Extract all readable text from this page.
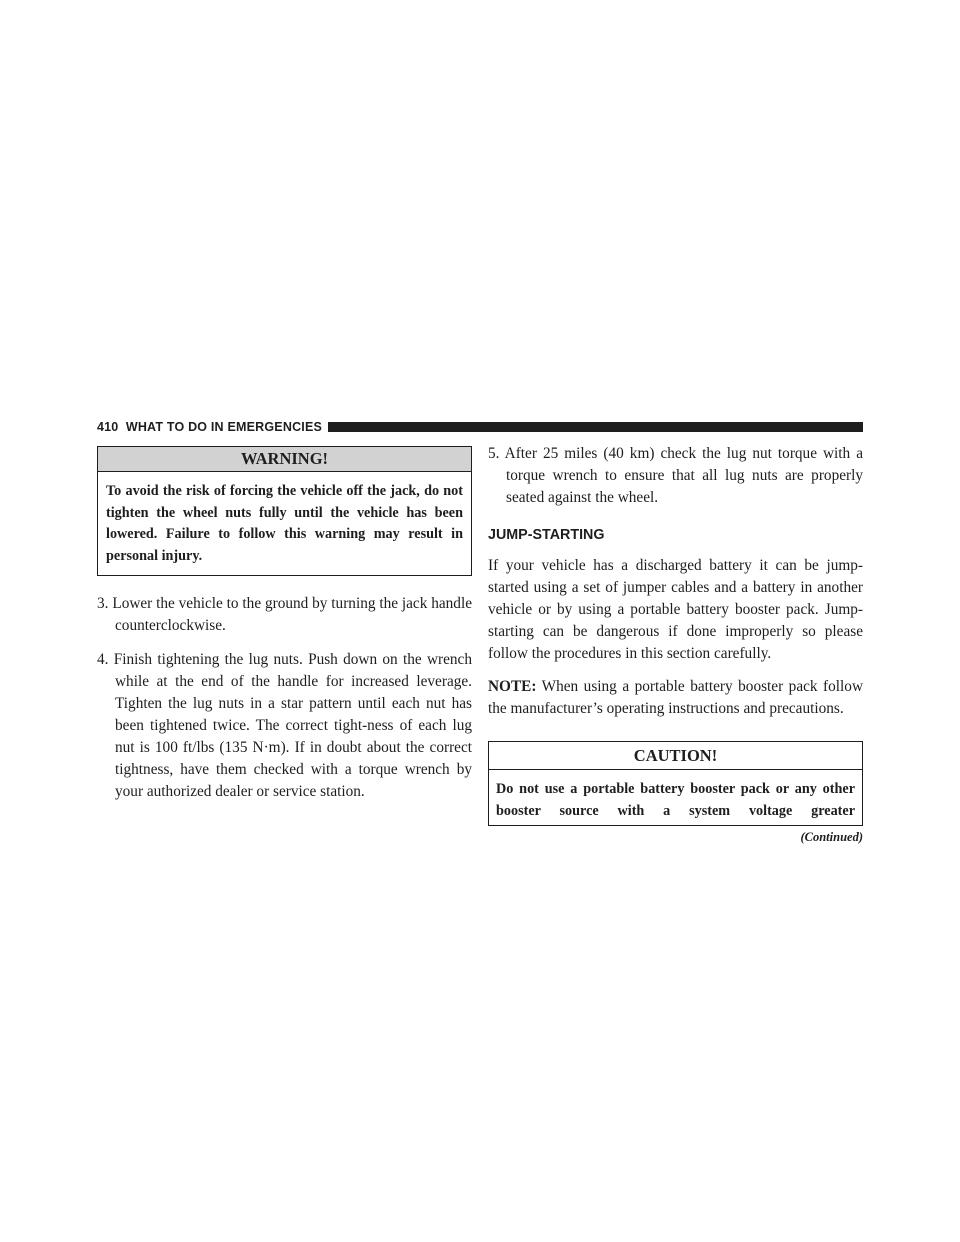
410 WHAT TO DO IN EMERGENCIES
WARNING!
To avoid the risk of forcing the vehicle off the jack, do not tighten the wheel nuts fully until the vehicle has been lowered. Failure to follow this warning may result in personal injury.
3. Lower the vehicle to the ground by turning the jack handle counterclockwise.
4. Finish tightening the lug nuts. Push down on the wrench while at the end of the handle for increased leverage. Tighten the lug nuts in a star pattern until each nut has been tightened twice. The correct tight-ness of each lug nut is 100 ft/lbs (135 N·m). If in doubt about the correct tightness, have them checked with a torque wrench by your authorized dealer or service station.
5. After 25 miles (40 km) check the lug nut torque with a torque wrench to ensure that all lug nuts are properly seated against the wheel.
JUMP-STARTING
If your vehicle has a discharged battery it can be jump-started using a set of jumper cables and a battery in another vehicle or by using a portable battery booster pack. Jump-starting can be dangerous if done improperly so please follow the procedures in this section carefully.
NOTE: When using a portable battery booster pack follow the manufacturer’s operating instructions and precautions.
CAUTION!
Do not use a portable battery booster pack or any other booster source with a system voltage greater
(Continued)
